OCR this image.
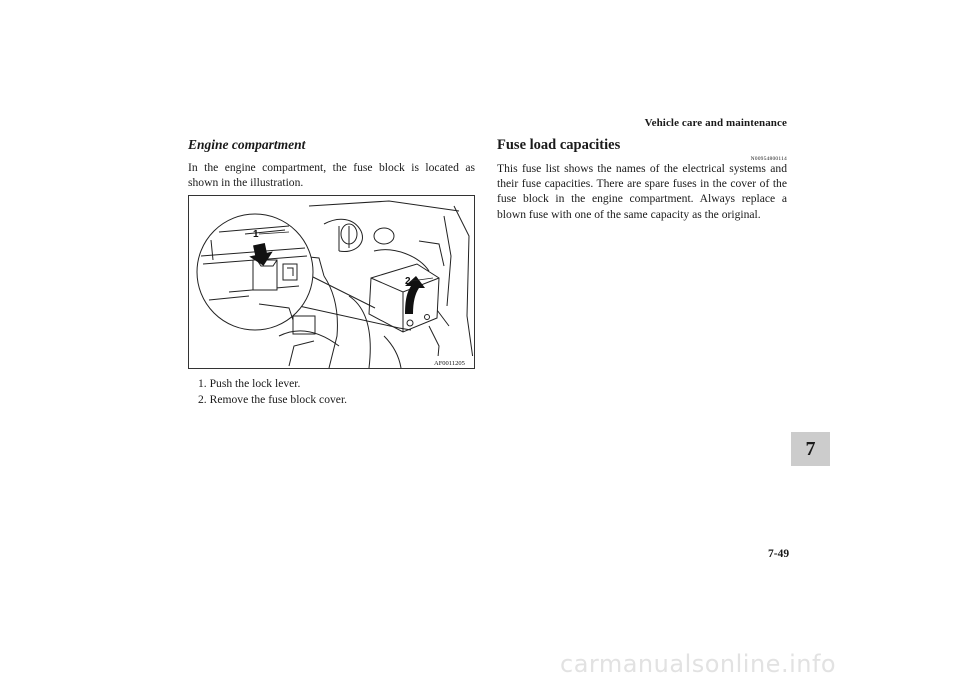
Vehicle care and maintenance
Engine compartment
In the engine compartment, the fuse block is located as shown in the illustration.
1
2
AF0011205
1. Push the lock lever.
2. Remove the fuse block cover.
Fuse load capacities
N00954800114
This fuse list shows the names of the electrical systems and their fuse capacities. There are spare fuses in the cover of the fuse block in the engine compartment. Always replace a blown fuse with one of the same capacity as the original.
7
7-49
carmanualsonline.info
